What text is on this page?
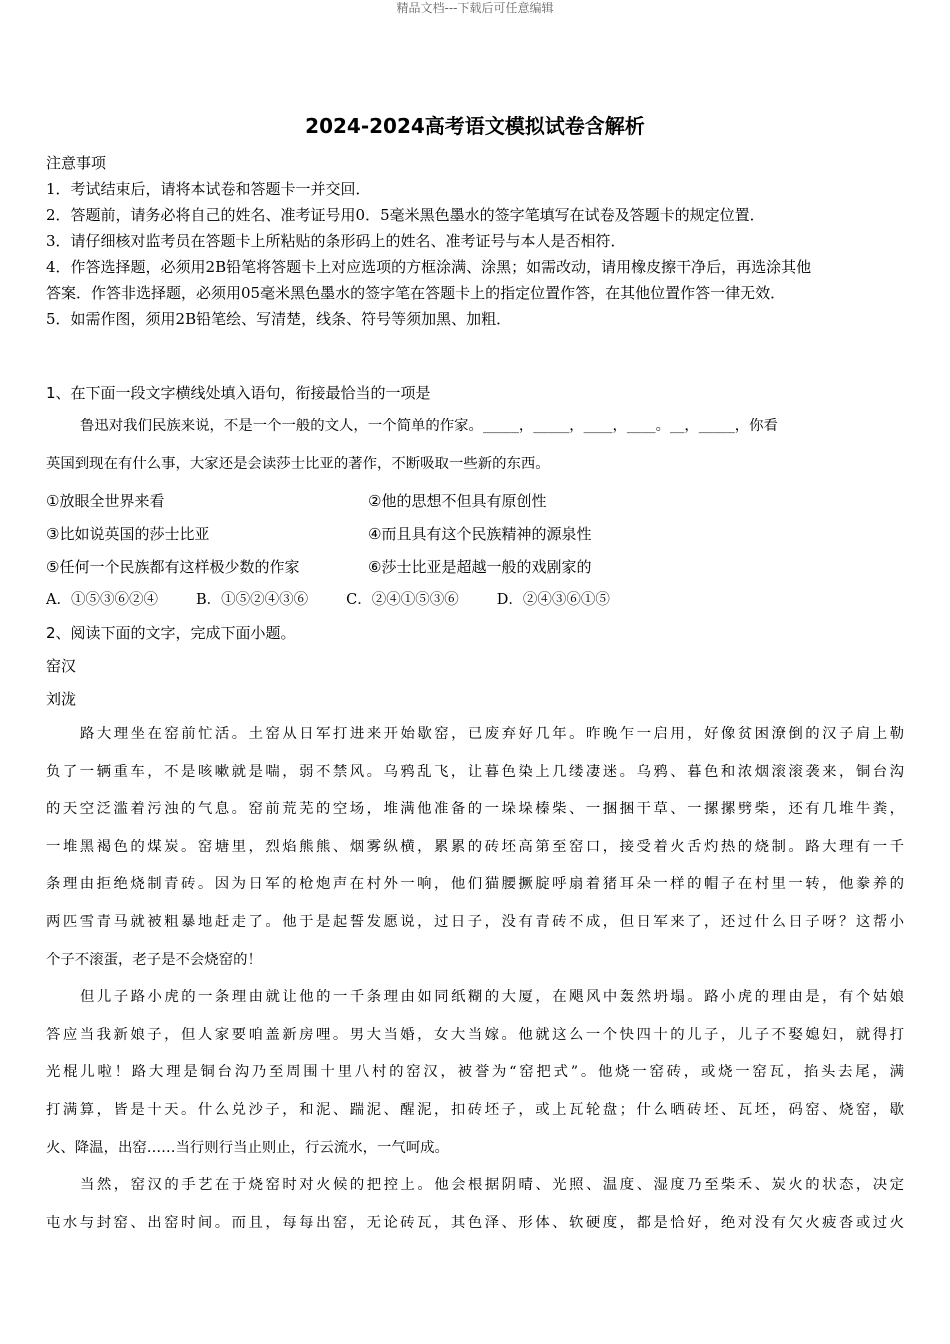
精品文档---下载后可任意编辑
2024-2024高考语文模拟试卷含解析
注意事项
1．考试结束后，请将本试卷和答题卡一并交回．
2．答题前，请务必将自己的姓名、准考证号用0．5毫米黑色墨水的签字笔填写在试卷及答题卡的规定位置．
3．请仔细核对监考员在答题卡上所粘贴的条形码上的姓名、准考证号与本人是否相符．
4．作答选择题，必须用2B铅笔将答题卡上对应选项的方框涂满、涂黑；如需改动，请用橡皮擦干净后，再选涂其他
答案．作答非选择题，必须用05毫米黑色墨水的签字笔在答题卡上的指定位置作答，在其他位置作答一律无效．
5．如需作图，须用2B铅笔绘、写清楚，线条、符号等须加黑、加粗．
1、在下面一段文字横线处填入语句，衔接最恰当的一项是
鲁迅对我们民族来说，不是一个一般的文人，一个简单的作家。_____，_____，____，____。__，_____，你看
英国到现在有什么事，大家还是会读莎士比亚的著作，不断吸取一些新的东西。
①放眼全世界来看	②他的思想不但具有原创性
③比如说英国的莎士比亚	④而且具有这个民族精神的源泉性
⑤任何一个民族都有这样极少数的作家	⑥莎士比亚是超越一般的戏剧家的
A．①⑤③⑥②④	B．①⑤②④③⑥	C．②④①⑤③⑥	D．②④③⑥①⑤
2、阅读下面的文字，完成下面小题。
窑汉
刘泷
路大理坐在窑前忙活。土窑从日军打进来开始歇窑，已废弃好几年。昨晚乍一启用，好像贫困潦倒的汉子肩上勒
负了一辆重车，不是咳嗽就是喘，弱不禁风。乌鸦乱飞，让暮色染上几缕凄迷。乌鸦、暮色和浓烟滚滚袭来，铜台沟
的天空泛滥着污浊的气息。窑前荒芜的空场，堆满他准备的一垛垛榛柴、一捆捆干草、一摞摞劈柴，还有几堆牛粪，
一堆黑褐色的煤炭。窑塘里，烈焰熊熊、烟雾纵横，累累的砖坯高第至窑口，接受着火舌灼热的烧制。路大理有一千
条理由拒绝烧制青砖。因为日军的枪炮声在村外一响，他们猫腰撅腚呼扇着猪耳朵一样的帽子在村里一转，他豢养的
两匹雪青马就被粗暴地赶走了。他于是起誓发愿说，过日子，没有青砖不成，但日军来了，还过什么日子呀？这帮小
个子不滚蛋，老子是不会烧窑的！
但儿子路小虎的一条理由就让他的一千条理由如同纸糊的大厦，在飓风中轰然坍塌。路小虎的理由是，有个姑娘
答应当我新娘子，但人家要咱盖新房哩。男大当婚，女大当嫁。他就这么一个快四十的儿子，儿子不娶媳妇，就得打
光棍儿啦！路大理是铜台沟乃至周围十里八村的窑汉，被誉为“窑把式”。他烧一窑砖，或烧一窑瓦，掐头去尾，满
打满算，皆是十天。什么兑沙子，和泥、踹泥、醒泥，扣砖坯子，或上瓦轮盘；什么晒砖坯、瓦坯，码窑、烧窑，歇
火、降温，出窑……当行则行当止则止，行云流水，一气呵成。
当然，窑汉的手艺在于烧窑时对火候的把控上。他会根据阴晴、光照、温度、湿度乃至柴禾、炭火的状态，决定
屯水与封窑、出窑时间。而且，每每出窑，无论砖瓦，其色泽、形体、软硬度，都是恰好，绝对没有欠火疲沓或过火
